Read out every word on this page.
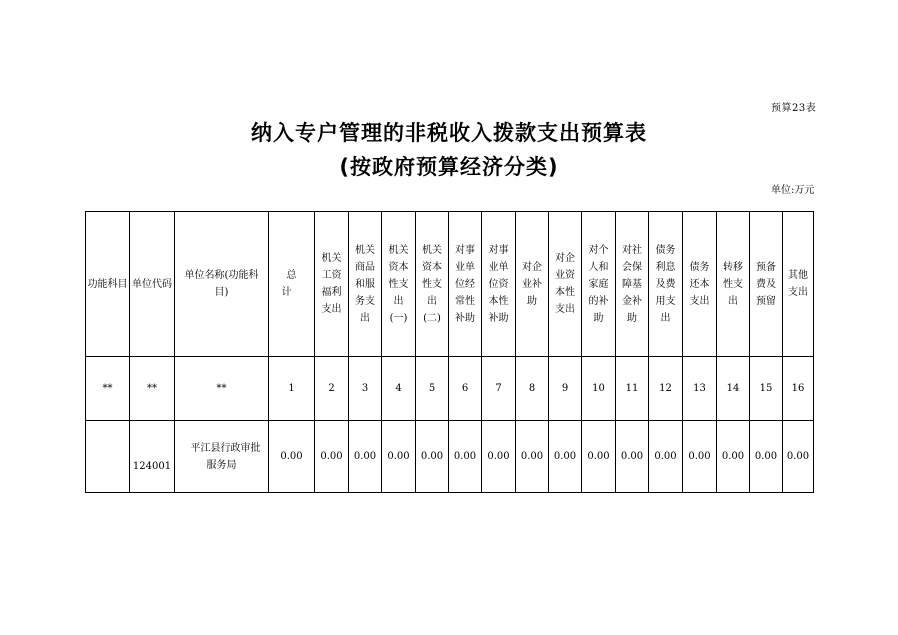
预算23表
纳入专户管理的非税收入拨款支出预算表
(按政府预算经济分类)
单位:万元
功能科目	单位代码	单位名称(功能科目)	总计	机关工资福利支出	机关商品和服务支出	机关资本性支出(一)	机关资本性支出(二)	对事业单位经常性补助	对事业单位资本性补助	对企业补助	对企业资本性支出	对个人和家庭的补助	对社会保障基金补助	债务利息及费用支出	债务还本支出	转移性支出	预备费及预留	其他支出
**	**	**	1	2	3	4	5	6	7	8	9	10	11	12	13	14	15	16
	124001	平江县行政审批服务局	0.00	0.00	0.00	0.00	0.00	0.00	0.00	0.00	0.00	0.00	0.00	0.00	0.00	0.00	0.00	0.00
